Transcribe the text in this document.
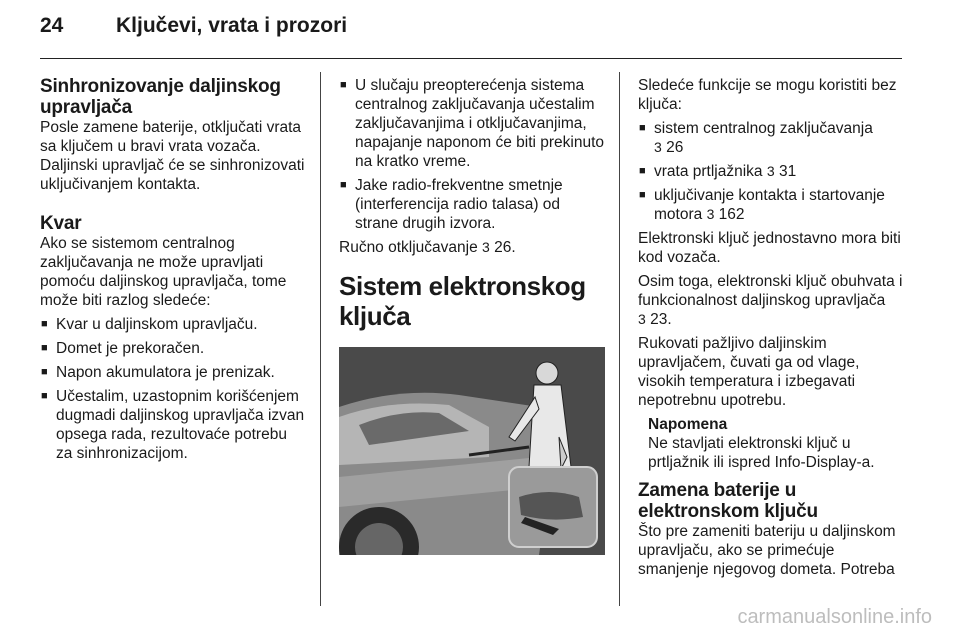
24	Ključevi, vrata i prozori
Sinhronizovanje daljinskog upravljača

Posle zamene baterije, otključati vrata sa ključem u bravi vrata vozača. Daljinski upravljač će se sinhronizovati uključivanjem kontakta.

Kvar

Ako se sistemom centralnog zaključavanja ne može upravljati pomoću daljinskog upravljača, tome može biti razlog sledeće:

■ Kvar u daljinskom upravljaču.
■ Domet je prekoračen.
■ Napon akumulatora je prenizak.
■ Učestalim, uzastopnim korišćenjem dugmadi daljinskog upravljača izvan opsega rada, rezultovaće potrebu za sinhronizacijom.
■ U slučaju preopterećenja sistema centralnog zaključavanja učestalim zaključavanjima i otključavanjima, napajanje naponom će biti prekinuto na kratko vreme.
■ Jake radio-frekventne smetnje (interferencija radio talasa) od strane drugih izvora.

Ručno otključavanje 3 26.

Sistem elektronskog ključa

Sledeće funkcije se mogu koristiti bez ključa:

■ sistem centralnog zaključavanja
3 26
■ vrata prtljažnika 3 31
■ uključivanje kontakta i startovanje motora 3 162

Elektronski ključ jednostavno mora biti kod vozača.

Osim toga, elektronski ključ obuhvata i funkcionalnost daljinskog upravljača
3 23.

Rukovati pažljivo daljinskim upravljačem, čuvati ga od vlage, visokih temperatura i izbegavati nepotrebnu upotrebu.

Napomena
Ne stavljati elektronski ključ u prtljažnik ili ispred Info-Display-a.
Zamena baterije u elektronskom ključu

Što pre zameniti bateriju u daljinskom upravljaču, ako se primećuje smanjenje njegovog dometa. Potreba

carmanualsonline.info
